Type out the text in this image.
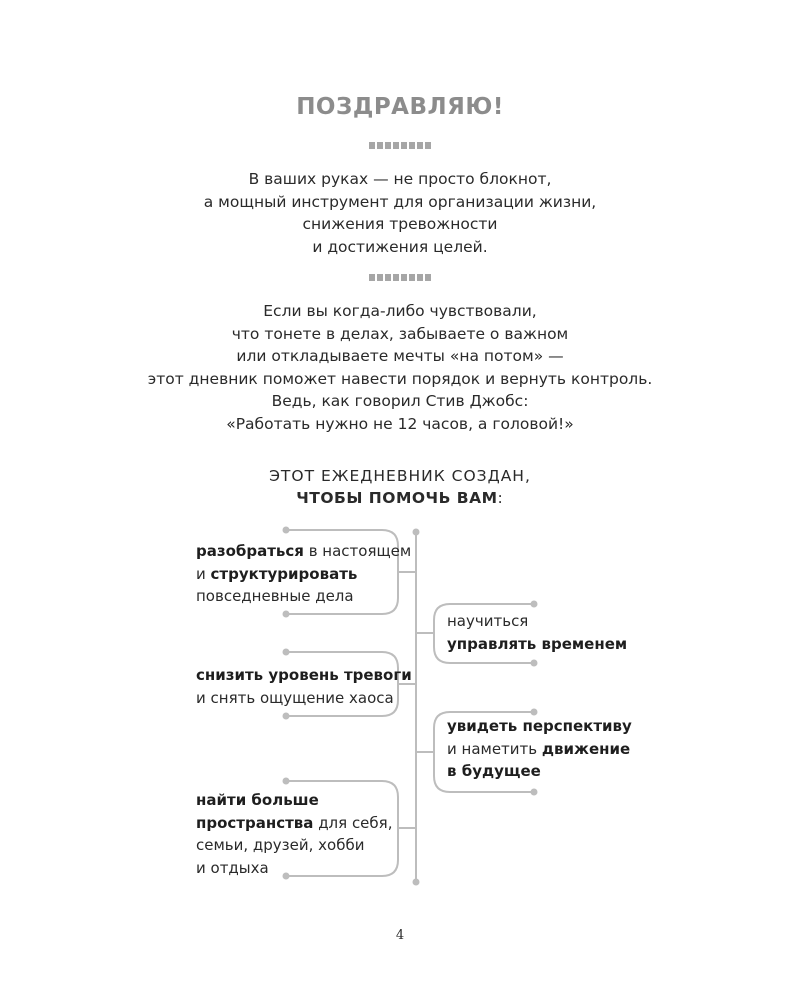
ПОЗДРАВЛЯЮ!
В ваших руках — не просто блокнот,
а мощный инструмент для организации жизни,
снижения тревожности
и достижения целей.
Если вы когда-либо чувствовали,
что тонете в делах, забываете о важном
или откладываете мечты «на потом» —
этот дневник поможет навести порядок и вернуть контроль.
Ведь, как говорил Стив Джобс:
«Работать нужно не 12 часов, а головой!»
ЭТОТ ЕЖЕДНЕВНИК СОЗДАН,
ЧТОБЫ ПОМОЧЬ ВАМ:
разобраться в настоящем
и структурировать
повседневные дела
снизить уровень тревоги
и снять ощущение хаоса
найти больше
пространства для себя,
семьи, друзей, хобби
и отдыха
научиться
управлять временем
увидеть перспективу
и наметить движение
в будущее
4
